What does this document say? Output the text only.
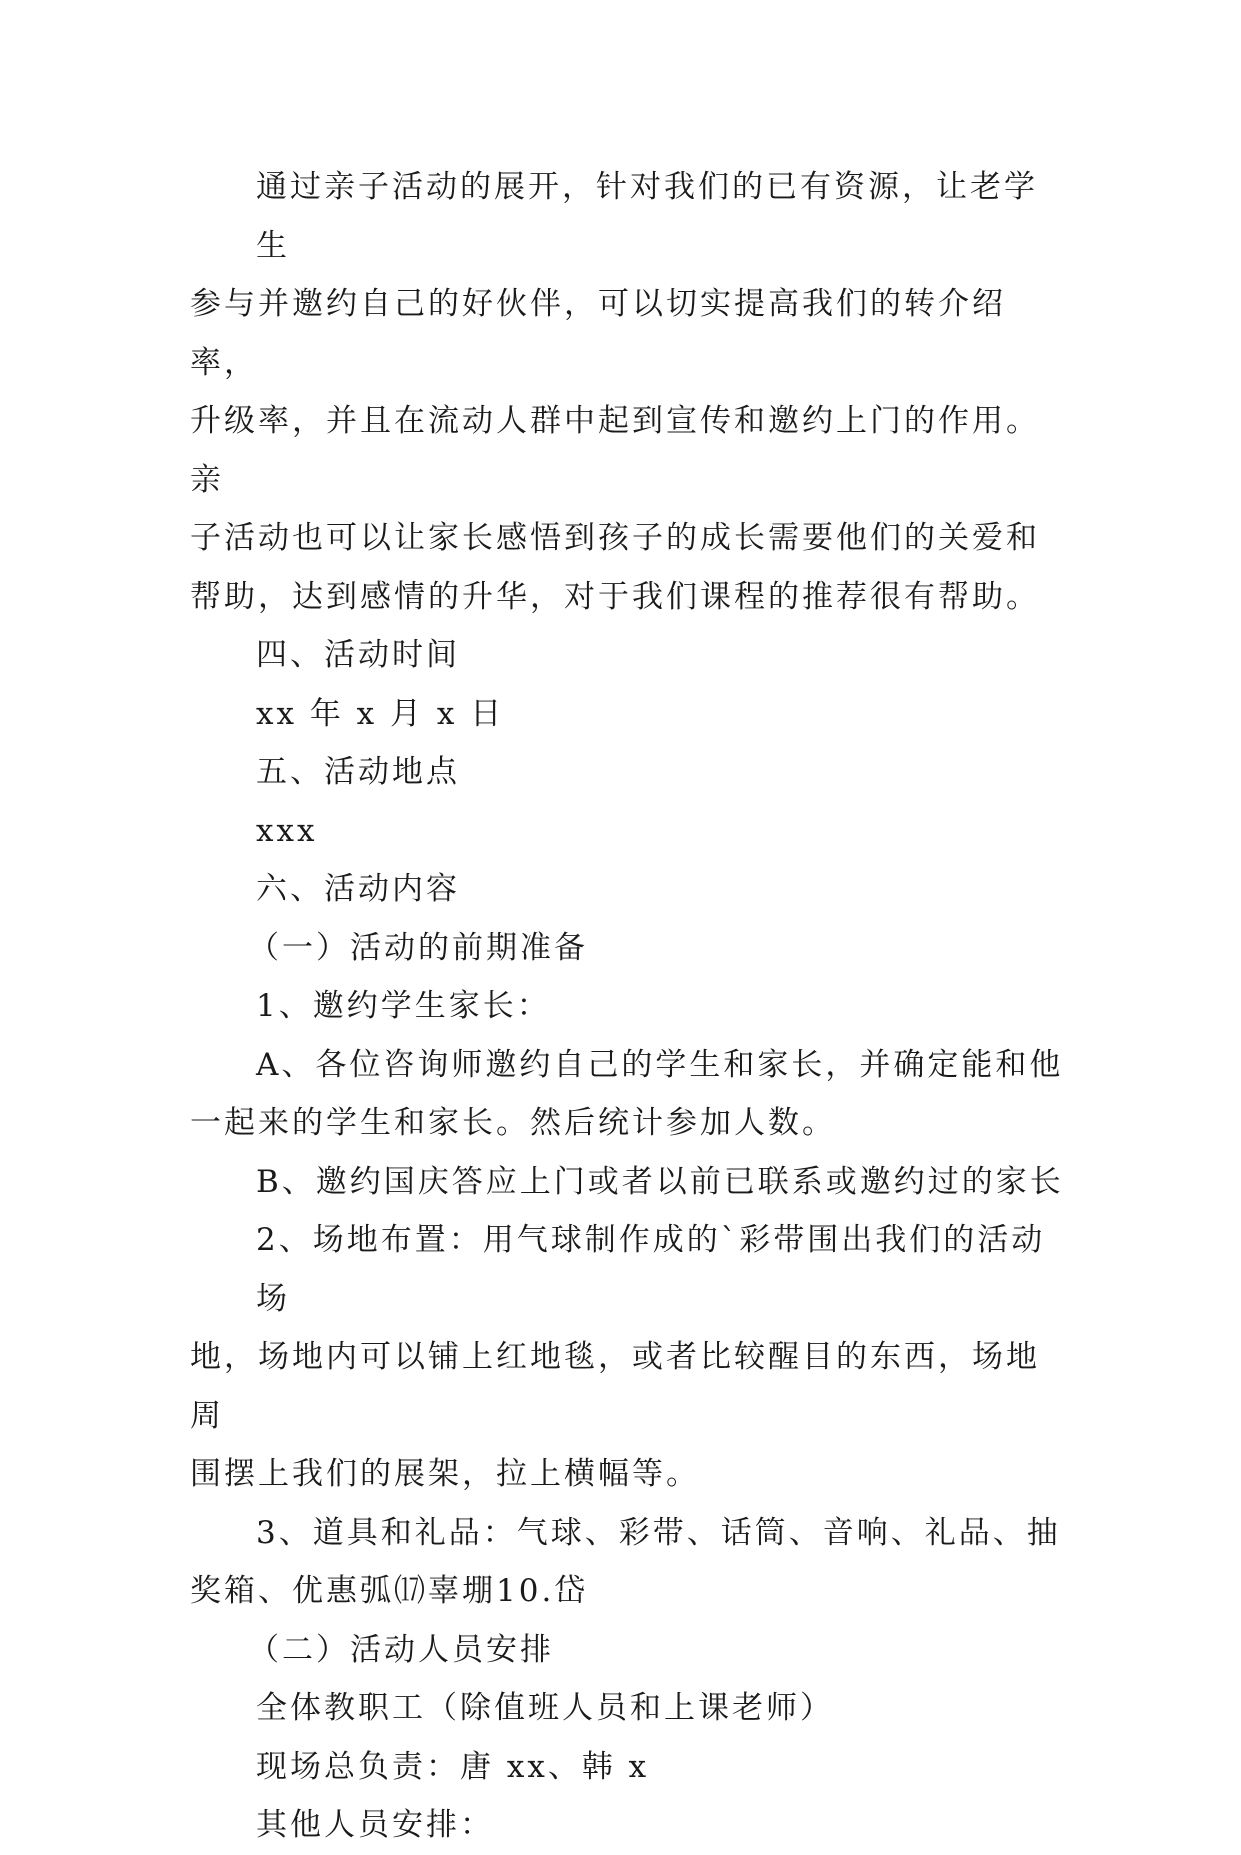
通过亲子活动的展开，针对我们的已有资源，让老学生
参与并邀约自己的好伙伴，可以切实提高我们的转介绍率，
升级率，并且在流动人群中起到宣传和邀约上门的作用。亲
子活动也可以让家长感悟到孩子的成长需要他们的关爱和
帮助，达到感情的升华，对于我们课程的推荐很有帮助。
四、活动时间
xx 年 x 月 x 日
五、活动地点
xxx
六、活动内容
（一）活动的前期准备
1、邀约学生家长：
A、各位咨询师邀约自己的学生和家长，并确定能和他
一起来的学生和家长。然后统计参加人数。
B、邀约国庆答应上门或者以前已联系或邀约过的家长
2、场地布置：用气球制作成的`彩带围出我们的活动场
地，场地内可以铺上红地毯，或者比较醒目的东西，场地周
围摆上我们的展架，拉上横幅等。
3、道具和礼品：气球、彩带、话筒、音响、礼品、抽
奖箱、优惠弧⒄辜堋10.岱
（二）活动人员安排
全体教职工（除值班人员和上课老师）
现场总负责：唐 xx、韩 x
其他人员安排：
